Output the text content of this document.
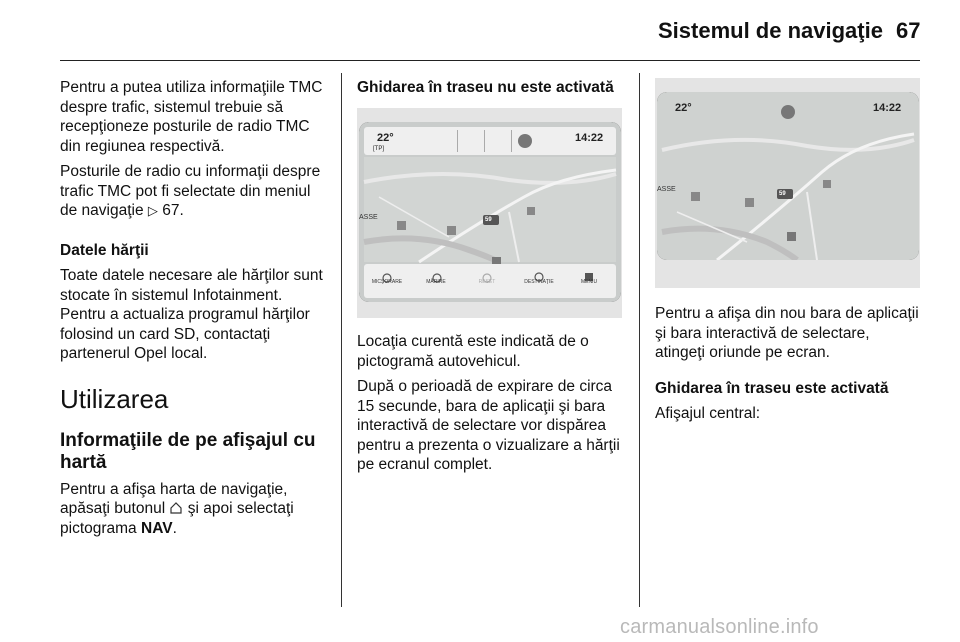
Sistemul de navigaţie 67

Pentru a putea utiliza informaţiile TMC despre trafic, sistemul trebuie să recepţioneze posturile de radio TMC din regiunea respectivă.

Posturile de radio cu informaţii despre trafic TMC pot fi selectate din meniul de navigaţie ▷ 67.

Datele hărţii

Toate datele necesare ale hărţilor sunt stocate în sistemul Infotainment. Pentru a actualiza programul hărţilor folosind un card SD, contactaţi partenerul Opel local.

Utilizarea

Informaţiile de pe afişajul cu hartă

Pentru a afişa harta de navigaţie, apăsaţi butonul şi apoi selectaţi pictograma NAV.

Ghidarea în traseu nu este activată

22°
[TP]
14:22
59
ASSE
MICŞORARE	MĂRIRE	RESET	DESTINAŢIE	MENIU

Locaţia curentă este indicată de o pictogramă autovehicul.

După o perioadă de expirare de circa 15 secunde, bara de aplicaţii şi bara interactivă de selectare vor dispărea pentru a prezenta o vizualizare a hărţii pe ecranul complet.

22°	14:22
59
ASSE

Pentru a afişa din nou bara de aplicaţii şi bara interactivă de selectare, atingeţi oriunde pe ecran.

Ghidarea în traseu este activată

Afişajul central:

carmanualsonline.info
